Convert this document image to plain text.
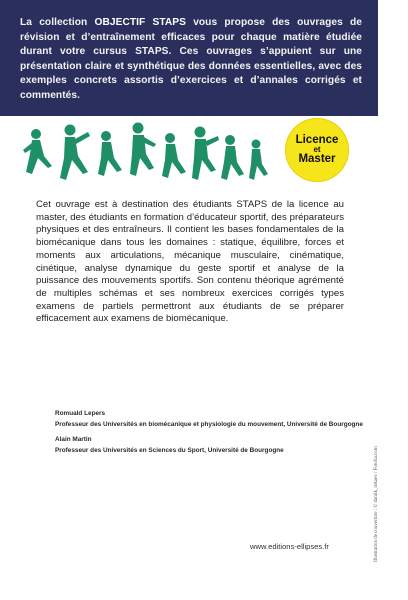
La collection OBJECTIF STAPS vous propose des ouvrages de révision et d’entraînement efficaces pour chaque matière étudiée durant votre cursus STAPS. Ces ouvrages s’appuient sur une présentation claire et synthétique des données essentielles, avec des exemples concrets assortis d’exercices et d’annales corrigés et commentés.

Licence
et
Master

Cet ouvrage est à destination des étudiants STAPS de la licence au master, des étudiants en formation d’éducateur sportif, des préparateurs physiques et des entraîneurs. Il contient les bases fondamentales de la biomécanique dans tous les domaines : statique, équilibre, forces et moments aux articulations, mécanique musculaire, cinématique, cinétique, analyse dynamique du geste sportif et analyse de la puissance des mouvements sportifs. Son contenu théorique agrémenté de multiples schémas et ses nombreux exercices corrigés types examens de partiels permettront aux étudiants de se préparer efficacement aux examens de biomécanique.

Romuald Lepers
Professeur des Universités en biomécanique et physiologie du mouvement, Université de Bourgogne
Alain Martin
Professeur des Universités en Sciences du Sport, Université de Bourgogne
www.editions-ellipses.fr	Illustration de couverture : © daniik_tokaev / Fotolia.com
